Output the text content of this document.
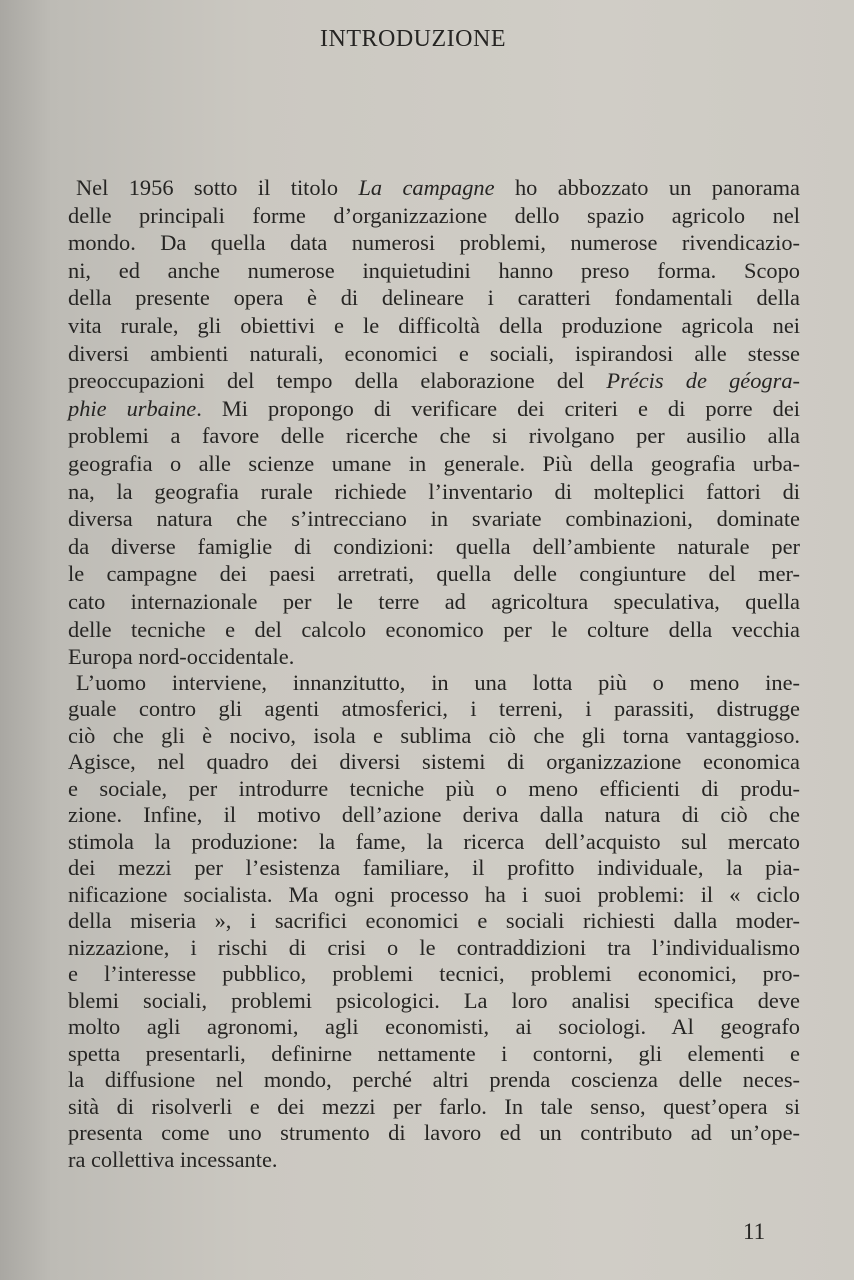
INTRODUZIONE
Nel 1956 sotto il titolo La campagne ho abbozzato un panorama
delle principali forme d’organizzazione dello spazio agricolo nel
mondo. Da quella data numerosi problemi, numerose rivendicazio-
ni, ed anche numerose inquietudini hanno preso forma. Scopo
della presente opera è di delineare i caratteri fondamentali della
vita rurale, gli obiettivi e le difficoltà della produzione agricola nei
diversi ambienti naturali, economici e sociali, ispirandosi alle stesse
preoccupazioni del tempo della elaborazione del Précis de géogra-
phie urbaine. Mi propongo di verificare dei criteri e di porre dei
problemi a favore delle ricerche che si rivolgano per ausilio alla
geografia o alle scienze umane in generale. Più della geografia urba-
na, la geografia rurale richiede l’inventario di molteplici fattori di
diversa natura che s’intrecciano in svariate combinazioni, dominate
da diverse famiglie di condizioni: quella dell’ambiente naturale per
le campagne dei paesi arretrati, quella delle congiunture del mer-
cato internazionale per le terre ad agricoltura speculativa, quella
delle tecniche e del calcolo economico per le colture della vecchia
Europa nord-occidentale.
L’uomo interviene, innanzitutto, in una lotta più o meno ine-
guale contro gli agenti atmosferici, i terreni, i parassiti, distrugge
ciò che gli è nocivo, isola e sublima ciò che gli torna vantaggioso.
Agisce, nel quadro dei diversi sistemi di organizzazione economica
e sociale, per introdurre tecniche più o meno efficienti di produ-
zione. Infine, il motivo dell’azione deriva dalla natura di ciò che
stimola la produzione: la fame, la ricerca dell’acquisto sul mercato
dei mezzi per l’esistenza familiare, il profitto individuale, la pia-
nificazione socialista. Ma ogni processo ha i suoi problemi: il « ciclo
della miseria », i sacrifici economici e sociali richiesti dalla moder-
nizzazione, i rischi di crisi o le contraddizioni tra l’individualismo
e l’interesse pubblico, problemi tecnici, problemi economici, pro-
blemi sociali, problemi psicologici. La loro analisi specifica deve
molto agli agronomi, agli economisti, ai sociologi. Al geografo
spetta presentarli, definirne nettamente i contorni, gli elementi e
la diffusione nel mondo, perché altri prenda coscienza delle neces-
sità di risolverli e dei mezzi per farlo. In tale senso, quest’opera si
presenta come uno strumento di lavoro ed un contributo ad un’ope-
ra collettiva incessante.
11
